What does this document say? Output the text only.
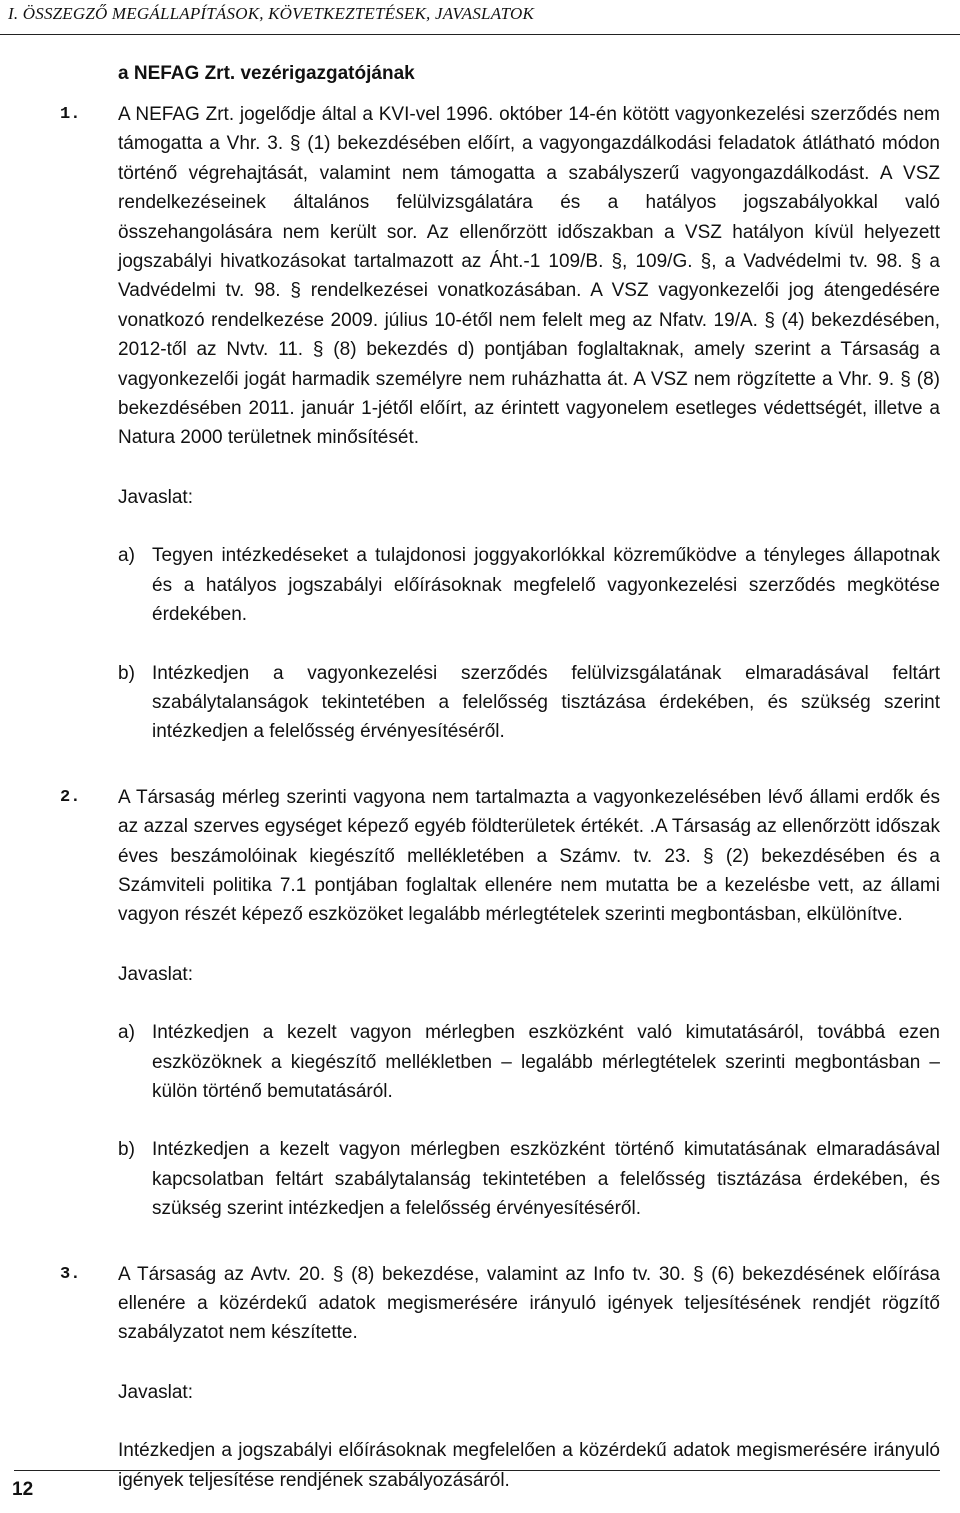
I. ÖSSZEGZŐ MEGÁLLAPÍTÁSOK, KÖVETKEZTETÉSEK, JAVASLATOK
a NEFAG Zrt. vezérigazgatójának
1.	A NEFAG Zrt. jogelődje által a KVI-vel 1996. október 14-én kötött vagyonkezelési szerződés nem támogatta a Vhr. 3. § (1) bekezdésében előírt, a vagyongazdálkodási feladatok átlátható módon történő végrehajtását, valamint nem támogatta a szabályszerű vagyongazdálkodást. A VSZ rendelkezéseinek általános felülvizsgálatára és a hatályos jogszabályokkal való összehangolására nem került sor. Az ellenőrzött időszakban a VSZ hatályon kívül helyezett jogszabályi hivatkozásokat tartalmazott az Áht.-1 109/B. §, 109/G. §, a Vadvédelmi tv. 98. § a Vadvédelmi tv. 98. § rendelkezései vonatkozásában. A VSZ vagyonkezelői jog átengedésére vonatkozó rendelkezése 2009. július 10-étől nem felelt meg az Nfatv. 19/A. § (4) bekezdésében, 2012-től az Nvtv. 11. § (8) bekezdés d) pontjában foglaltaknak, amely szerint a Társaság a vagyonkezelői jogát harmadik személyre nem ruházhatta át. A VSZ nem rögzítette a Vhr. 9. § (8) bekezdésében 2011. január 1-jétől előírt, az érintett vagyonelem esetleges védettségét, illetve a Natura 2000 területnek minősítését.

Javaslat:

a) Tegyen intézkedéseket a tulajdonosi joggyakorlókkal közreműködve a tényleges állapotnak és a hatályos jogszabályi előírásoknak megfelelő vagyonkezelési szerződés megkötése érdekében.
b) Intézkedjen a vagyonkezelési szerződés felülvizsgálatának elmaradásával feltárt szabálytalanságok tekintetében a felelősség tisztázása érdekében, és szükség szerint intézkedjen a felelősség érvényesítéséről.
2.	A Társaság mérleg szerinti vagyona nem tartalmazta a vagyonkezelésében lévő állami erdők és az azzal szerves egységet képező egyéb földterületek értékét. .A Társaság az ellenőrzött időszak éves beszámolóinak kiegészítő mellékletében a Számv. tv. 23. § (2) bekezdésében és a Számviteli politika 7.1 pontjában foglaltak ellenére nem mutatta be a kezelésbe vett, az állami vagyon részét képező eszközöket legalább mérlegtételek szerinti megbontásban, elkülönítve.

Javaslat:

a) Intézkedjen a kezelt vagyon mérlegben eszközként való kimutatásáról, továbbá ezen eszközöknek a kiegészítő mellékletben – legalább mérlegtételek szerinti megbontásban – külön történő bemutatásáról.
b) Intézkedjen a kezelt vagyon mérlegben eszközként történő kimutatásának elmaradásával kapcsolatban feltárt szabálytalanság tekintetében a felelősség tisztázása érdekében, és szükség szerint intézkedjen a felelősség érvényesítéséről.
3.	A Társaság az Avtv. 20. § (8) bekezdése, valamint az Info tv. 30. § (6) bekezdésének előírása ellenére a közérdekű adatok megismerésére irányuló igények teljesítésének rendjét rögzítő szabályzatot nem készítette.

Javaslat:

Intézkedjen a jogszabályi előírásoknak megfelelően a közérdekű adatok megismerésére irányuló igények teljesítése rendjének szabályozásáról.

12
